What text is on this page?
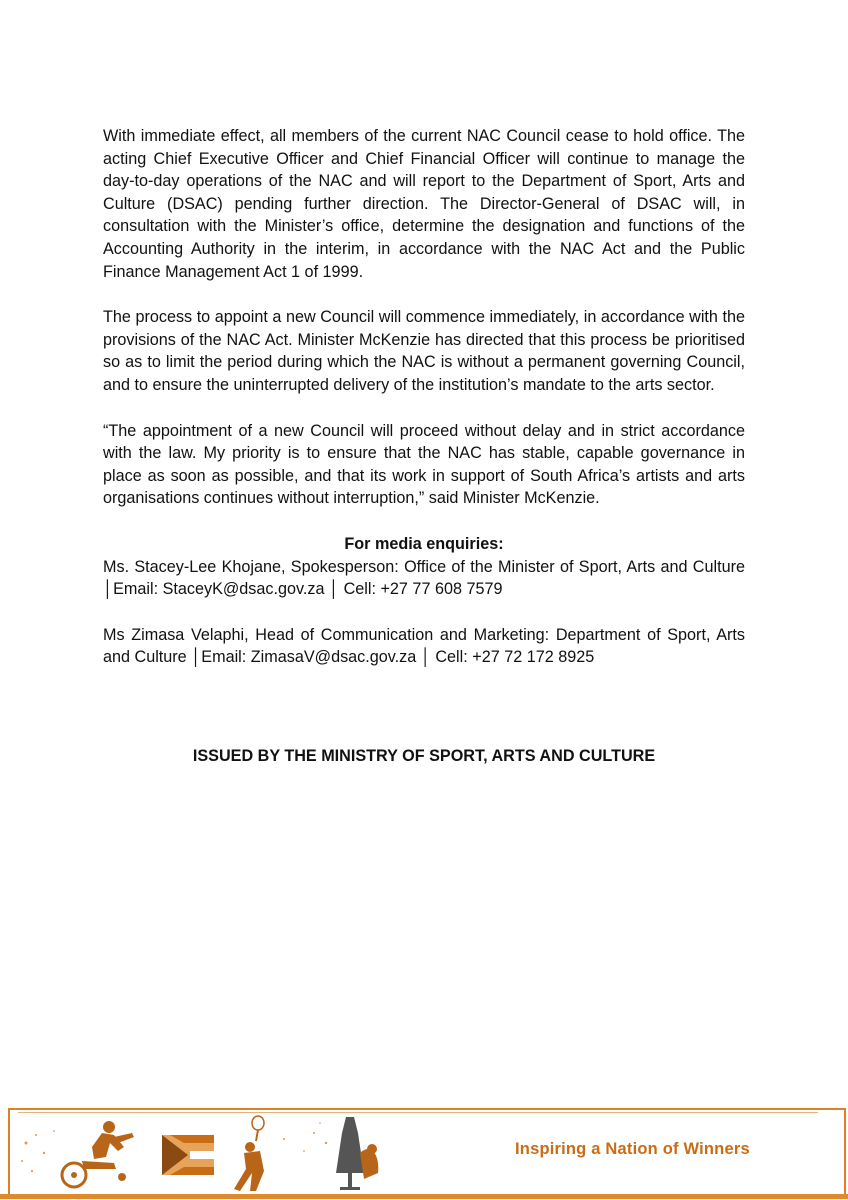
With immediate effect, all members of the current NAC Council cease to hold office. The acting Chief Executive Officer and Chief Financial Officer will continue to manage the day-to-day operations of the NAC and will report to the Department of Sport, Arts and Culture (DSAC) pending further direction. The Director-General of DSAC will, in consultation with the Minister’s office, determine the designation and functions of the Accounting Authority in the interim, in accordance with the NAC Act and the Public Finance Management Act 1 of 1999.

The process to appoint a new Council will commence immediately, in accordance with the provisions of the NAC Act. Minister McKenzie has directed that this process be prioritised so as to limit the period during which the NAC is without a permanent governing Council, and to ensure the uninterrupted delivery of the institution’s mandate to the arts sector.

“The appointment of a new Council will proceed without delay and in strict accordance with the law. My priority is to ensure that the NAC has stable, capable governance in place as soon as possible, and that its work in support of South Africa’s artists and arts organisations continues without interruption,” said Minister McKenzie.

For media enquiries:

Ms. Stacey-Lee Khojane, Spokesperson: Office of the Minister of Sport, Arts and Culture │Email: StaceyK@dsac.gov.za │ Cell: +27 77 608 7579

Ms Zimasa Velaphi, Head of Communication and Marketing: Department of Sport, Arts and Culture │Email: ZimasaV@dsac.gov.za │ Cell: +27 72 172 8925

ISSUED BY THE MINISTRY OF SPORT, ARTS AND CULTURE
Inspiring a Nation of Winners
